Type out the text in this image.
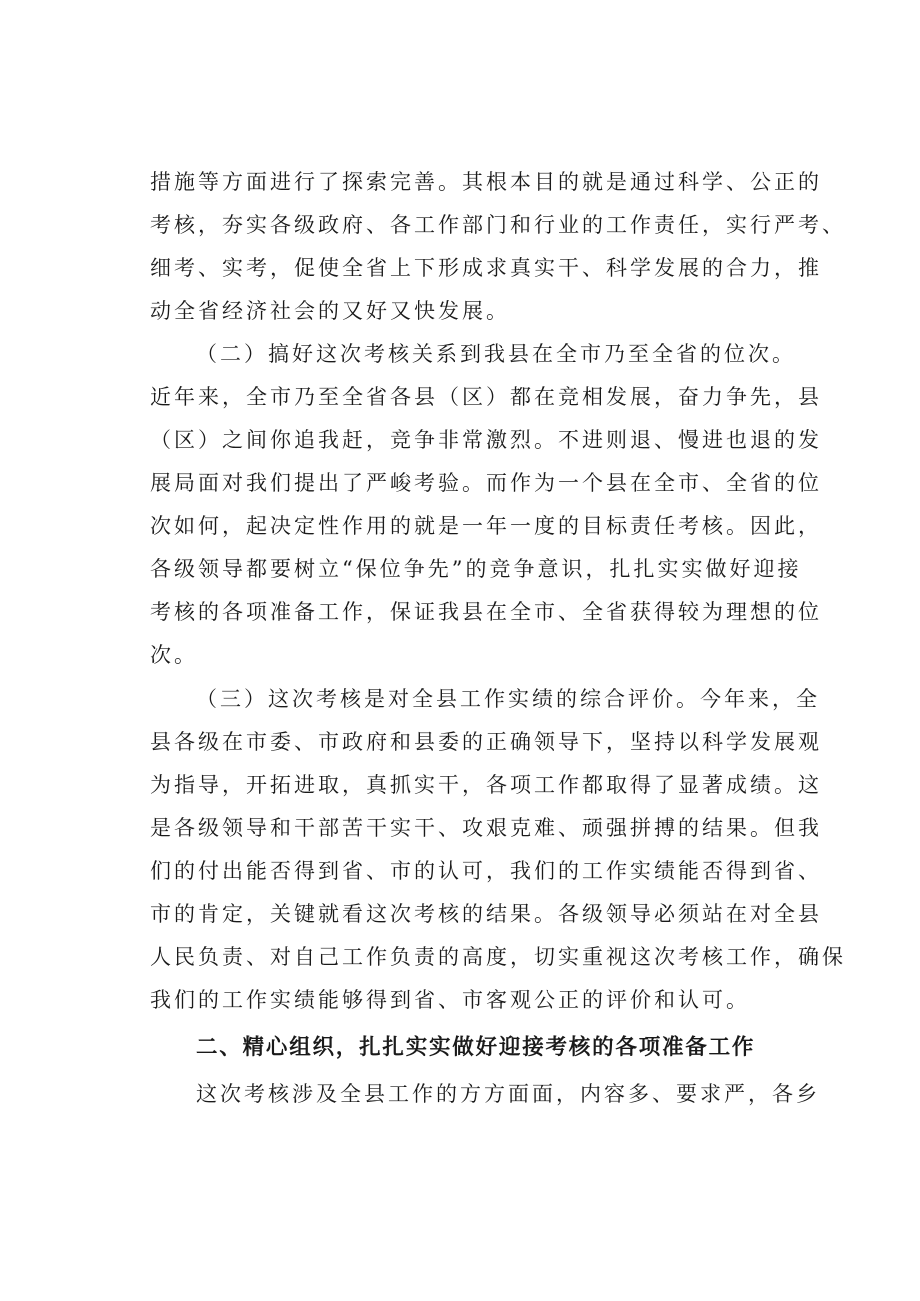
措施等方面进行了探索完善。其根本目的就是通过科学、公正的
考核，夯实各级政府、各工作部门和行业的工作责任，实行严考、
细考、实考，促使全省上下形成求真实干、科学发展的合力，推
动全省经济社会的又好又快发展。
（二）搞好这次考核关系到我县在全市乃至全省的位次。
近年来，全市乃至全省各县（区）都在竞相发展，奋力争先，县
（区）之间你追我赶，竞争非常激烈。不进则退、慢进也退的发
展局面对我们提出了严峻考验。而作为一个县在全市、全省的位
次如何，起决定性作用的就是一年一度的目标责任考核。因此，
各级领导都要树立“保位争先”的竞争意识，扎扎实实做好迎接
考核的各项准备工作，保证我县在全市、全省获得较为理想的位
次。
（三）这次考核是对全县工作实绩的综合评价。今年来，全
县各级在市委、市政府和县委的正确领导下，坚持以科学发展观
为指导，开拓进取，真抓实干，各项工作都取得了显著成绩。这
是各级领导和干部苦干实干、攻艰克难、顽强拼搏的结果。但我
们的付出能否得到省、市的认可，我们的工作实绩能否得到省、
市的肯定，关键就看这次考核的结果。各级领导必须站在对全县
人民负责、对自己工作负责的高度，切实重视这次考核工作，确保
我们的工作实绩能够得到省、市客观公正的评价和认可。
二、精心组织，扎扎实实做好迎接考核的各项准备工作
这次考核涉及全县工作的方方面面，内容多、要求严，各乡
